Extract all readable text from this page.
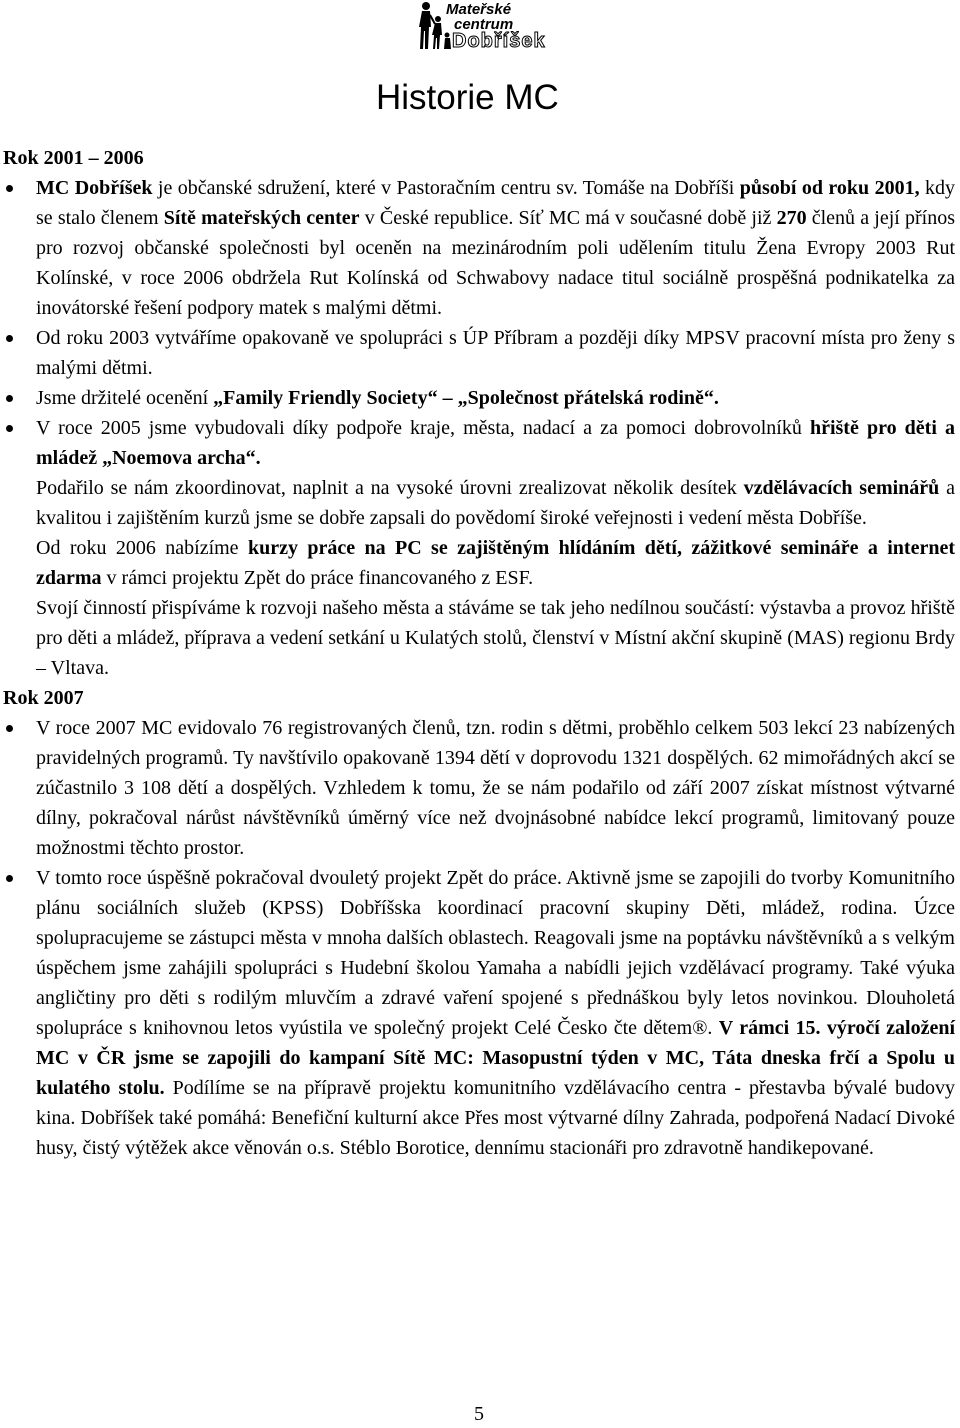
Mateřské
centrum
Dobříšek
Historie MC
Rok 2001 – 2006
MC Dobříšek je občanské sdružení, které v Pastoračním centru sv. Tomáše na Dobříši působí od roku 2001, kdy se stalo členem Sítě mateřských center v České republice. Síť MC má v současné době již 270 členů a její přínos pro rozvoj občanské společnosti byl oceněn na mezinárodním poli udělením titulu Žena Evropy 2003 Rut Kolínské, v roce 2006 obdržela Rut Kolínská od Schwabovy nadace titul sociálně prospěšná podnikatelka za inovátorské řešení podpory matek s malými dětmi.
Od roku 2003 vytváříme opakovaně ve spolupráci s ÚP Příbram a později díky MPSV pracovní místa pro ženy s malými dětmi.
Jsme držitelé ocenění „Family Friendly Society“ – „Společnost přátelská rodině“.
V roce 2005 jsme vybudovali díky podpoře kraje, města, nadací a za pomoci dobrovolníků hřiště pro děti a mládež „Noemova archa“.

Podařilo se nám zkoordinovat, naplnit a na vysoké úrovni zrealizovat několik desítek vzdělávacích seminářů a kvalitou i zajištěním kurzů jsme se dobře zapsali do povědomí široké veřejnosti i vedení města Dobříše.

Od roku 2006 nabízíme kurzy práce na PC se zajištěným hlídáním dětí, zážitkové semináře a internet zdarma v rámci projektu Zpět do práce financovaného z ESF.

Svojí činností přispíváme k rozvoji našeho města a stáváme se tak jeho nedílnou součástí: výstavba a provoz hřiště pro děti a mládež, příprava a vedení setkání u Kulatých stolů, členství v Místní akční skupině (MAS) regionu Brdy – Vltava.

Rok 2007
V roce 2007 MC evidovalo 76 registrovaných členů, tzn. rodin s dětmi, proběhlo celkem 503 lekcí 23 nabízených pravidelných programů. Ty navštívilo opakovaně 1394 dětí v doprovodu 1321 dospělých. 62 mimořádných akcí se zúčastnilo 3 108 dětí a dospělých. Vzhledem k tomu, že se nám podařilo od září 2007 získat místnost výtvarné dílny, pokračoval nárůst návštěvníků úměrný více než dvojnásobné nabídce lekcí programů, limitovaný pouze možnostmi těchto prostor.
V tomto roce úspěšně pokračoval dvouletý projekt Zpět do práce. Aktivně jsme se zapojili do tvorby Komunitního plánu sociálních služeb (KPSS) Dobříšska koordinací pracovní skupiny Děti, mládež, rodina. Úzce spolupracujeme se zástupci města v mnoha dalších oblastech. Reagovali jsme na poptávku návštěvníků a s velkým úspěchem jsme zahájili spolupráci s Hudební školou Yamaha a nabídli jejich vzdělávací programy. Také výuka angličtiny pro děti s rodilým mluvčím a zdravé vaření spojené s přednáškou byly letos novinkou. Dlouholetá spolupráce s knihovnou letos vyústila ve společný projekt Celé Česko čte dětem®. V rámci 15. výročí založení MC v ČR jsme se zapojili do kampaní Sítě MC: Masopustní týden v MC, Táta dneska frčí a Spolu u kulatého stolu. Podílíme se na přípravě projektu komunitního vzdělávacího centra - přestavba bývalé budovy kina. Dobříšek také pomáhá: Benefiční kulturní akce Přes most výtvarné dílny Zahrada, podpořená Nadací Divoké husy, čistý výtěžek akce věnován o.s. Stéblo Borotice, dennímu stacionáři pro zdravotně handikepované.
5
